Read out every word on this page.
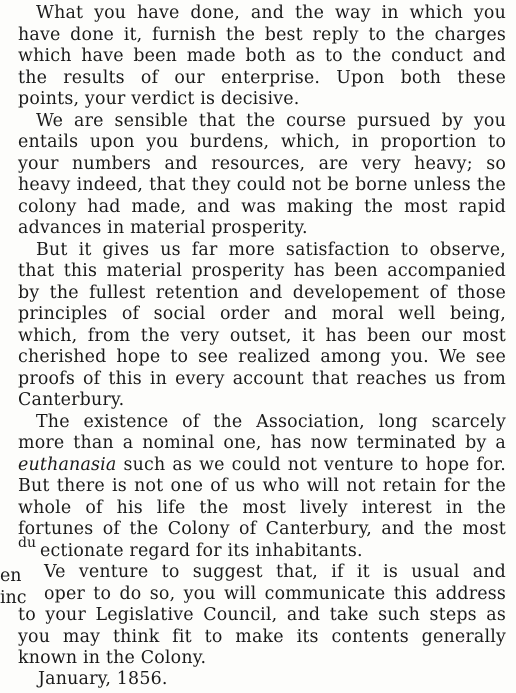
What you have done, and the way in which you
have done it, furnish the best reply to the charges
which have been made both as to the conduct and
the results of our enterprise. Upon both these
points, your verdict is decisive.
We are sensible that the course pursued by you
entails upon you burdens, which, in proportion to
your numbers and resources, are very heavy; so
heavy indeed, that they could not be borne unless the
colony had made, and was making the most rapid
advances in material prosperity.
But it gives us far more satisfaction to observe,
that this material prosperity has been accompanied
by the fullest retention and developement of those
principles of social order and moral well being,
which, from the very outset, it has been our most
cherished hope to see realized among you. We see
proofs of this in every account that reaches us from
Canterbury.
The existence of the Association, long scarcely
more than a nominal one, has now terminated by a
euthanasia such as we could not venture to hope for.
But there is not one of us who will not retain for the
whole of his life the most lively interest in the
fortunes of the Colony of Canterbury, and the most
ectionate regard for its inhabitants.
Ve venture to suggest that, if it is usual and
oper to do so, you will communicate this address
to your Legislative Council, and take such steps as
you may think fit to make its contents generally
known in the Colony.
du
en
inc
January, 1856.
